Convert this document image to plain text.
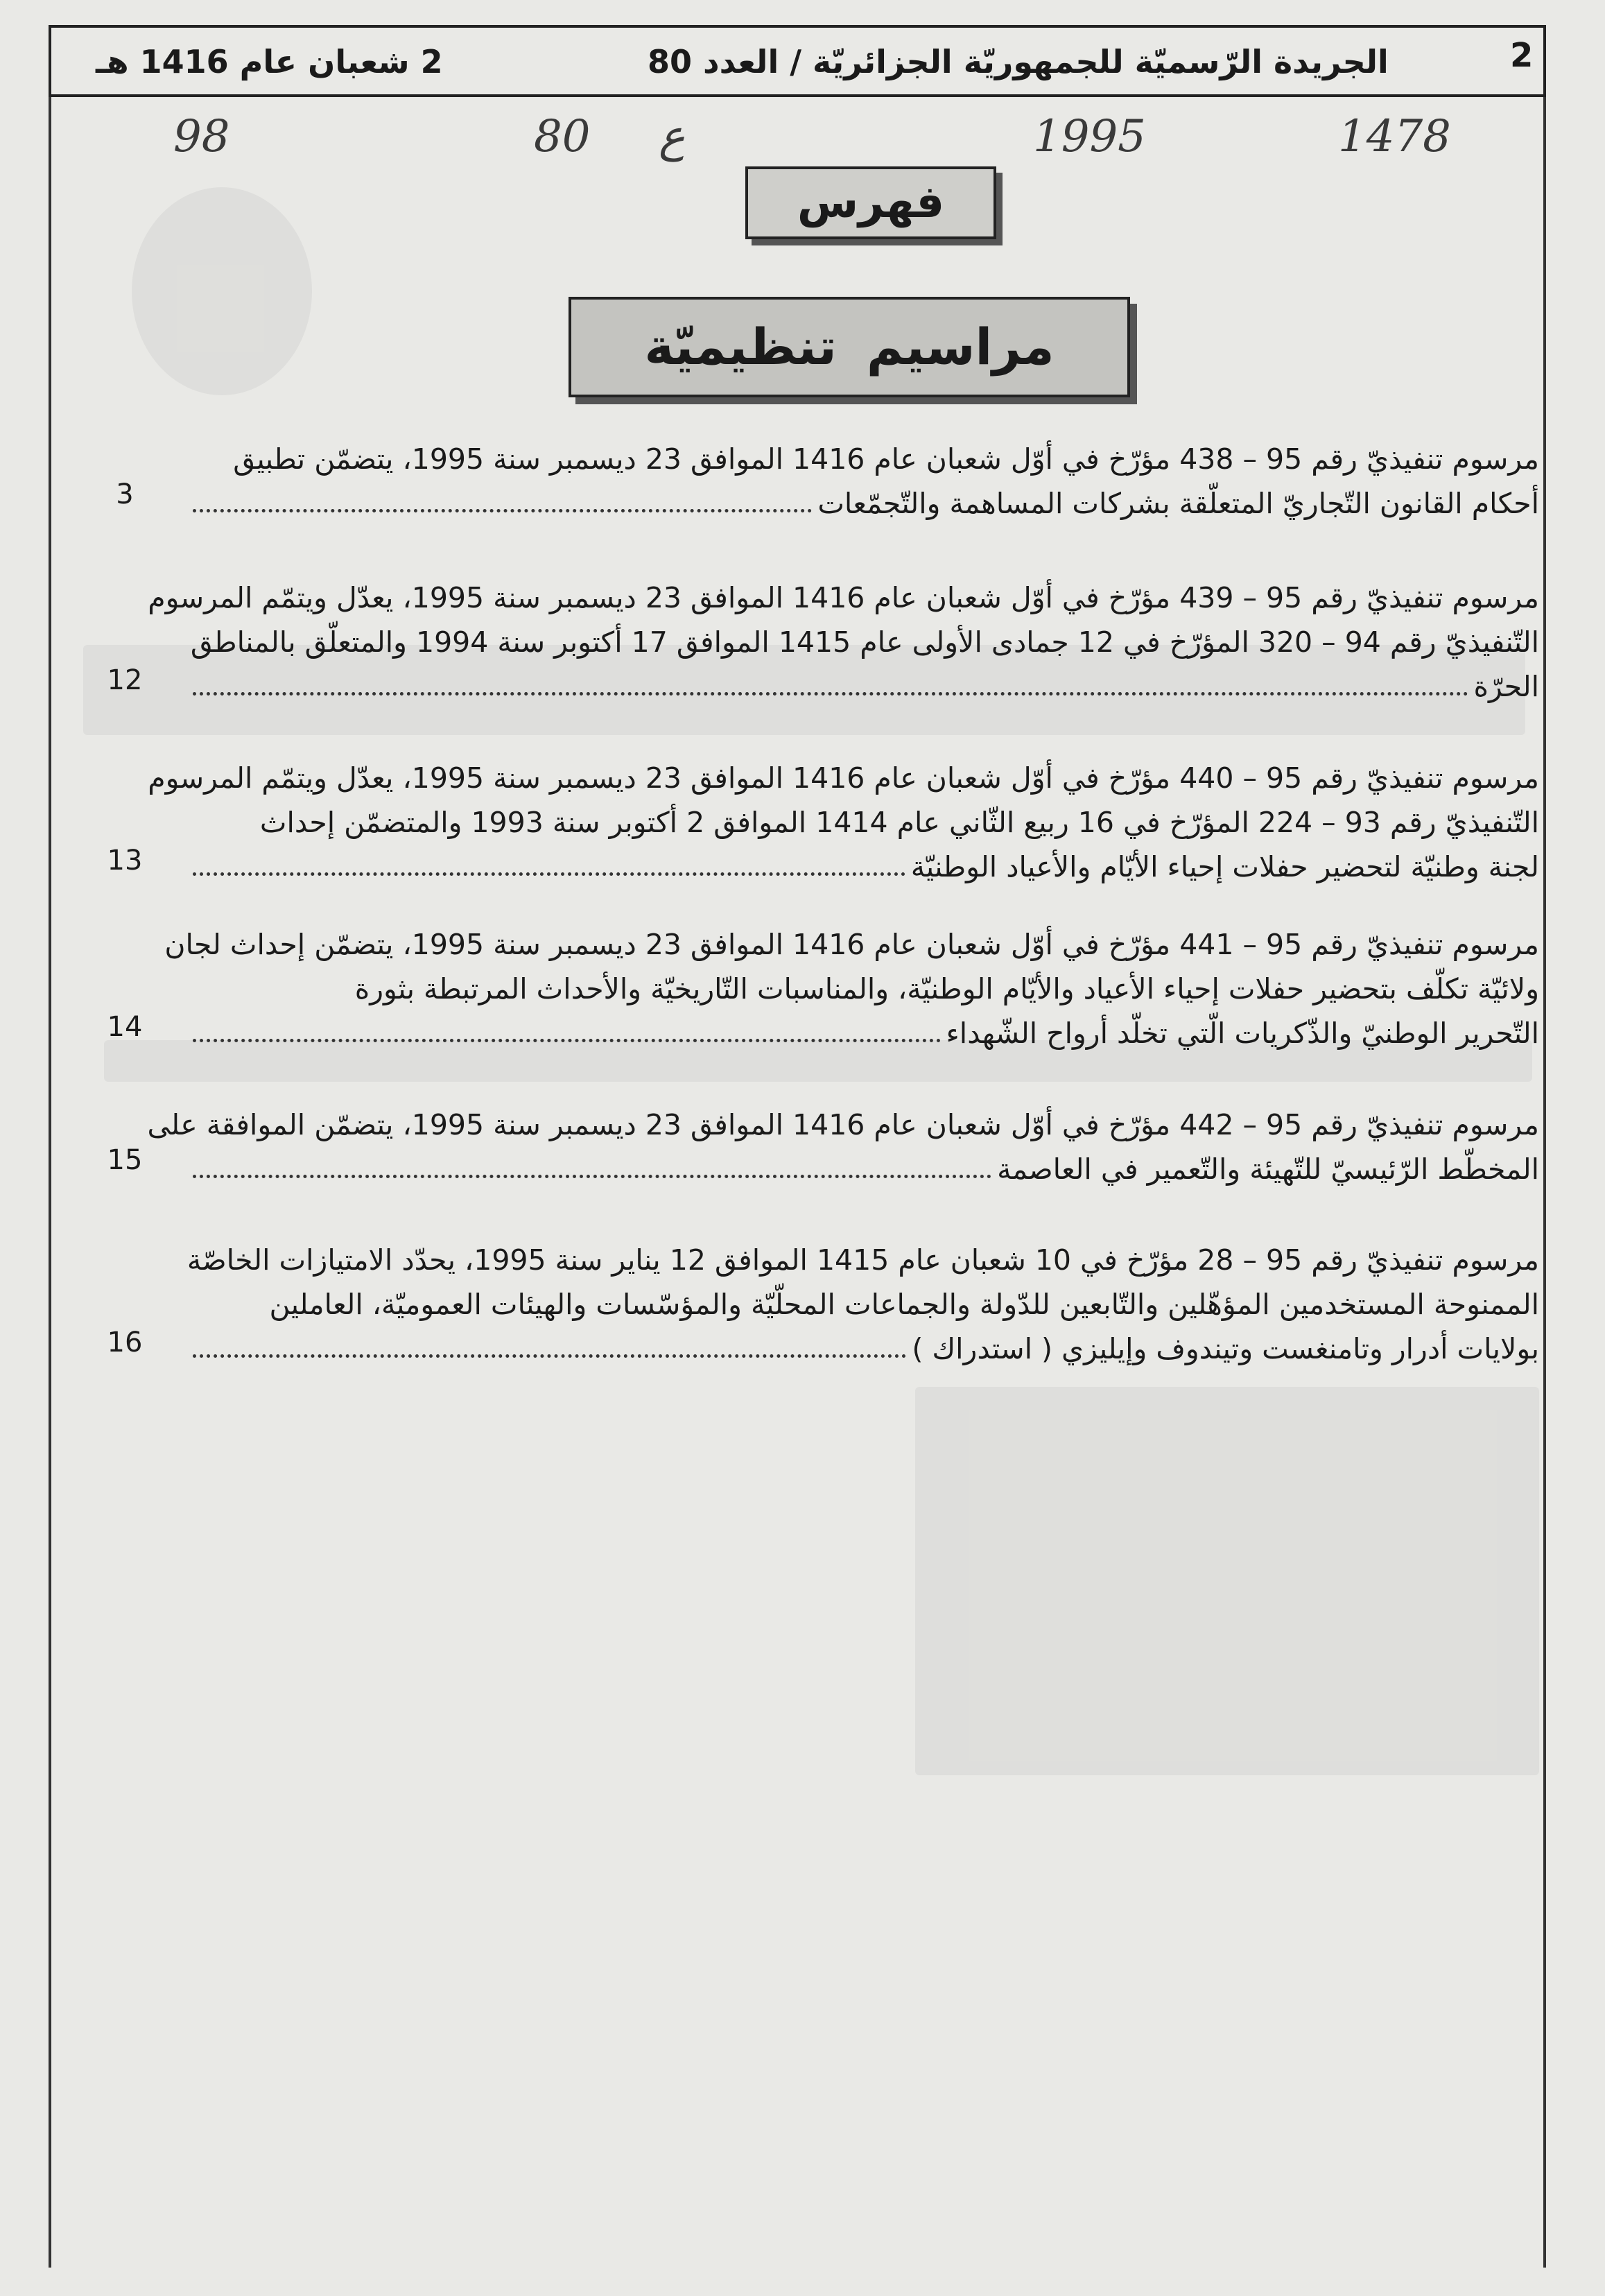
2 شعبان عام 1416 هـ	الجريدة الرّسميّة للجمهوريّة الجزائريّة / العدد 80	2
1478
1995
80 ع
98
فهرس
مراسيم تنظيميّة
مرسوم تنفيذيّ رقم 95 – 438 مؤرّخ في أوّل شعبان عام 1416 الموافق 23 ديسمبر سنة 1995، يتضمّن تطبيق
أحكام القانون التّجاريّ المتعلّقة بشركات المساهمة والتّجمّعات
3
مرسوم تنفيذيّ رقم 95 – 439 مؤرّخ في أوّل شعبان عام 1416 الموافق 23 ديسمبر سنة 1995، يعدّل ويتمّم المرسوم
التّنفيذيّ رقم 94 – 320 المؤرّخ في 12 جمادى الأولى عام 1415 الموافق 17 أكتوبر سنة 1994 والمتعلّق بالمناطق
الحرّة
12
مرسوم تنفيذيّ رقم 95 – 440 مؤرّخ في أوّل شعبان عام 1416 الموافق 23 ديسمبر سنة 1995، يعدّل ويتمّم المرسوم
التّنفيذيّ رقم 93 – 224 المؤرّخ في 16 ربيع الثّاني عام 1414 الموافق 2 أكتوبر سنة 1993 والمتضمّن إحداث
لجنة وطنيّة لتحضير حفلات إحياء الأيّام والأعياد الوطنيّة
13
مرسوم تنفيذيّ رقم 95 – 441 مؤرّخ في أوّل شعبان عام 1416 الموافق 23 ديسمبر سنة 1995، يتضمّن إحداث لجان
ولائيّة تكلّف بتحضير حفلات إحياء الأعياد والأيّام الوطنيّة، والمناسبات التّاريخيّة والأحداث المرتبطة بثورة
التّحرير الوطنيّ والذّكريات الّتي تخلّد أرواح الشّهداء
14
مرسوم تنفيذيّ رقم 95 – 442 مؤرّخ في أوّل شعبان عام 1416 الموافق 23 ديسمبر سنة 1995، يتضمّن الموافقة على
المخطّط الرّئيسيّ للتّهيئة والتّعمير في العاصمة
15
مرسوم تنفيذيّ رقم 95 – 28 مؤرّخ في 10 شعبان عام 1415 الموافق 12 يناير سنة 1995، يحدّد الامتيازات الخاصّة
الممنوحة المستخدمين المؤهّلين والتّابعين للدّولة والجماعات المحلّيّة والمؤسّسات والهيئات العموميّة، العاملين
بولايات أدرار وتامنغست وتيندوف وإيليزي ( استدراك )
16
